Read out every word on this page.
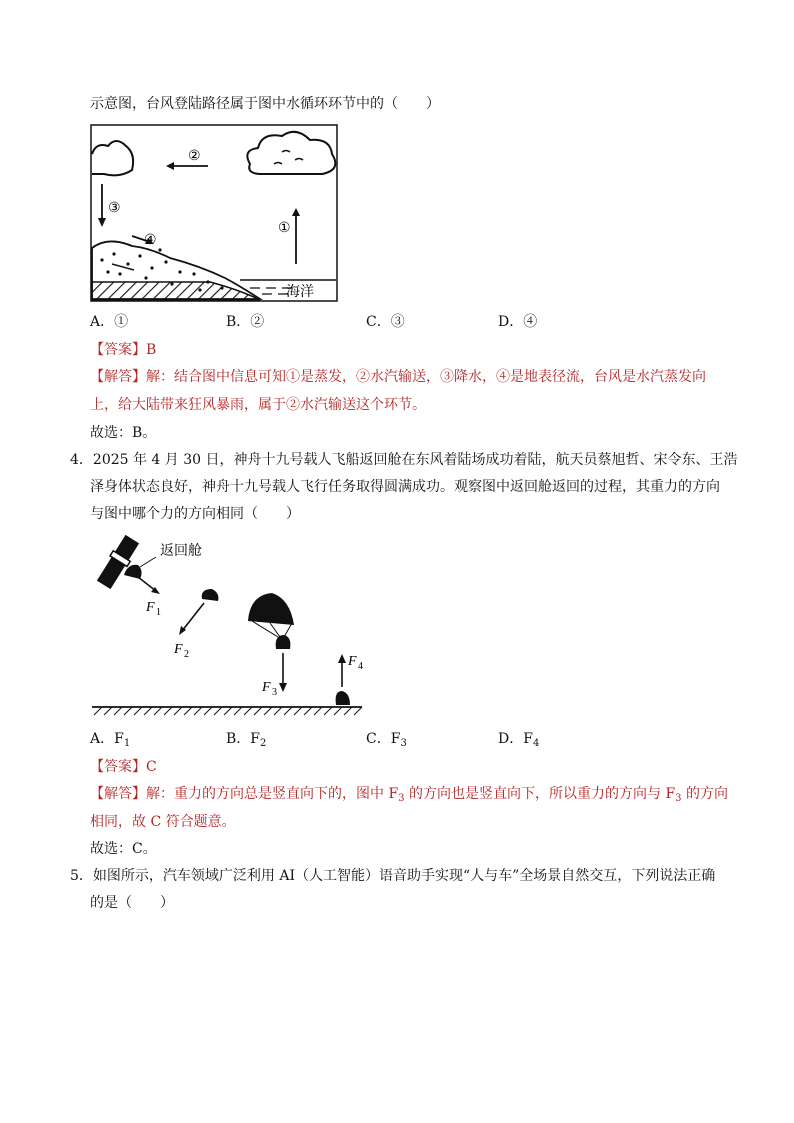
示意图，台风登陆路径属于图中水循环环节中的（　　）
②
③
①
④
海洋
A．①	B．②	C．③	D．④
【答案】B
【解答】解：结合图中信息可知①是蒸发，②水汽输送，③降水，④是地表径流，台风是水汽蒸发向
上，给大陆带来狂风暴雨，属于②水汽输送这个环节。
故选：B。
4．2025 年 4 月 30 日，神舟十九号载人飞船返回舱在东风着陆场成功着陆，航天员蔡旭哲、宋令东、王浩
泽身体状态良好，神舟十九号载人飞行任务取得圆满成功。观察图中返回舱返回的过程，其重力的方向
与图中哪个力的方向相同（　　）
返回舱
F 1
F 2
F 3
F 4
A．$F_1$	B．$F_2$	C．$F_3$	D．$F_4$
【答案】C
【解答】解：重力的方向总是竖直向下的，图中 $F_3$ 的方向也是竖直向下，所以重力的方向与 $F_3$ 的方向
相同，故 C 符合题意。
故选：C。
5．如图所示，汽车领域广泛利用 AI（人工智能）语音助手实现“人与车”全场景自然交互，下列说法正确
的是（　　）
